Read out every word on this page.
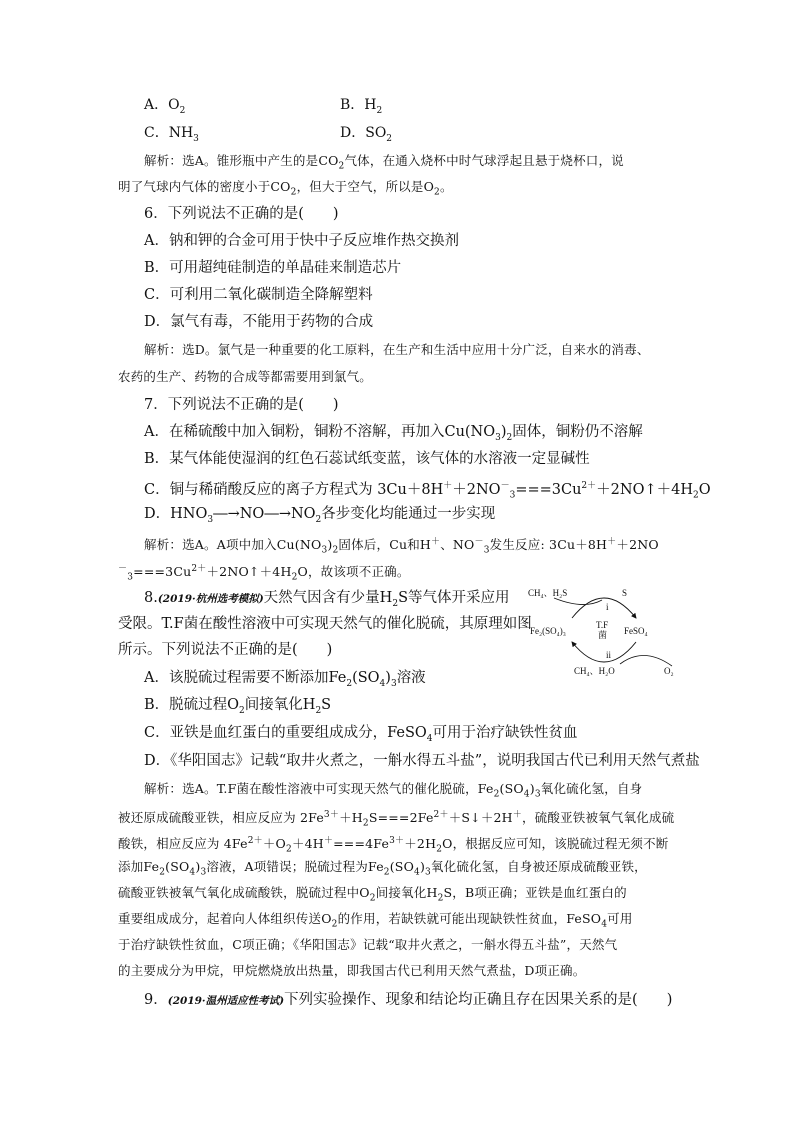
A．$O_2$	B．$H_2$
C．$NH_3$	D．$SO_2$
解析：选A。锥形瓶中产生的是$CO_2$气体，在通入烧杯中时气球浮起且悬于烧杯口，说
明了气球内气体的密度小于$CO_2$，但大于空气，所以是$O_2$。
6．下列说法不正确的是(　　)
A．钠和钾的合金可用于快中子反应堆作热交换剂
B．可用超纯硅制造的单晶硅来制造芯片
C．可利用二氧化碳制造全降解塑料
D．氯气有毒，不能用于药物的合成
解析：选D。氯气是一种重要的化工原料，在生产和生活中应用十分广泛，自来水的消毒、
农药的生产、药物的合成等都需要用到氯气。
7．下列说法不正确的是(　　)
A．在稀硫酸中加入铜粉，铜粉不溶解，再加入$Cu(NO_3)_2$固体，铜粉仍不溶解
B．某气体能使湿润的红色石蕊试纸变蓝，该气体的水溶液一定显碱性
C．铜与稀硝酸反应的离子方程式为 $3Cu+8H^++2NO^-_3===3Cu^{2+}+2NO↑+4H_2O$
D．$HNO_3―\to NO―\to NO_2$各步变化均能通过一步实现
解析：选A。A项中加入$Cu(NO_3)_2$固体后，Cu和H＋、$NO^-_3$发生反应: 3Cu＋8H＋＋2NO
$^-_3===3Cu^{2+}+2NO↑+4H_2O$，故该项不正确。
8.(2019·杭州选考模拟)天然气因含有少量$H_2S$等气体开采应用
受限。T.F菌在酸性溶液中可实现天然气的催化脱硫，其原理如图
所示。下列说法不正确的是(　　)
CH₄、H₂S	S
i
Fe₂(SO₄)₃
T.F
菌 FeSO₄
ii
CH₄、H₂O	O₂
A．该脱硫过程需要不断添加$Fe_2(SO_4)_3$溶液
B．脱硫过程$O_2$间接氧化$H_2S$
C．亚铁是血红蛋白的重要组成成分，FeSO$_4$可用于治疗缺铁性贫血
D．《华阳国志》记载“取井火煮之，一斛水得五斗盐”，说明我国古代已利用天然气煮盐
解析：选A。T.F菌在酸性溶液中可实现天然气的催化脱硫，$Fe_2(SO_4)_3$氧化硫化氢，自身
被还原成硫酸亚铁，相应反应为 $2Fe^{3+}+H_2S===2Fe^{2+}+S↓+2H^+$，硫酸亚铁被氧气氧化成硫
酸铁，相应反应为 $4Fe^{2+}+O_2+4H^+===4Fe^{3+}+2H_2O$，根据反应可知，该脱硫过程无须不断
添加$Fe_2(SO_4)_3$溶液，A项错误；脱硫过程为$Fe_2(SO_4)_3$氧化硫化氢，自身被还原成硫酸亚铁，
硫酸亚铁被氧气氧化成硫酸铁，脱硫过程中$O_2$间接氧化$H_2S$，B项正确；亚铁是血红蛋白的
重要组成成分，起着向人体组织传送$O_2$的作用，若缺铁就可能出现缺铁性贫血，FeSO$_4$可用
于治疗缺铁性贫血，C项正确；《华阳国志》记载“取井火煮之，一斛水得五斗盐”，天然气
的主要成分为甲烷，甲烷燃烧放出热量，即我国古代已利用天然气煮盐，D项正确。
9．(2019·温州适应性考试)下列实验操作、现象和结论均正确且存在因果关系的是(　　)
